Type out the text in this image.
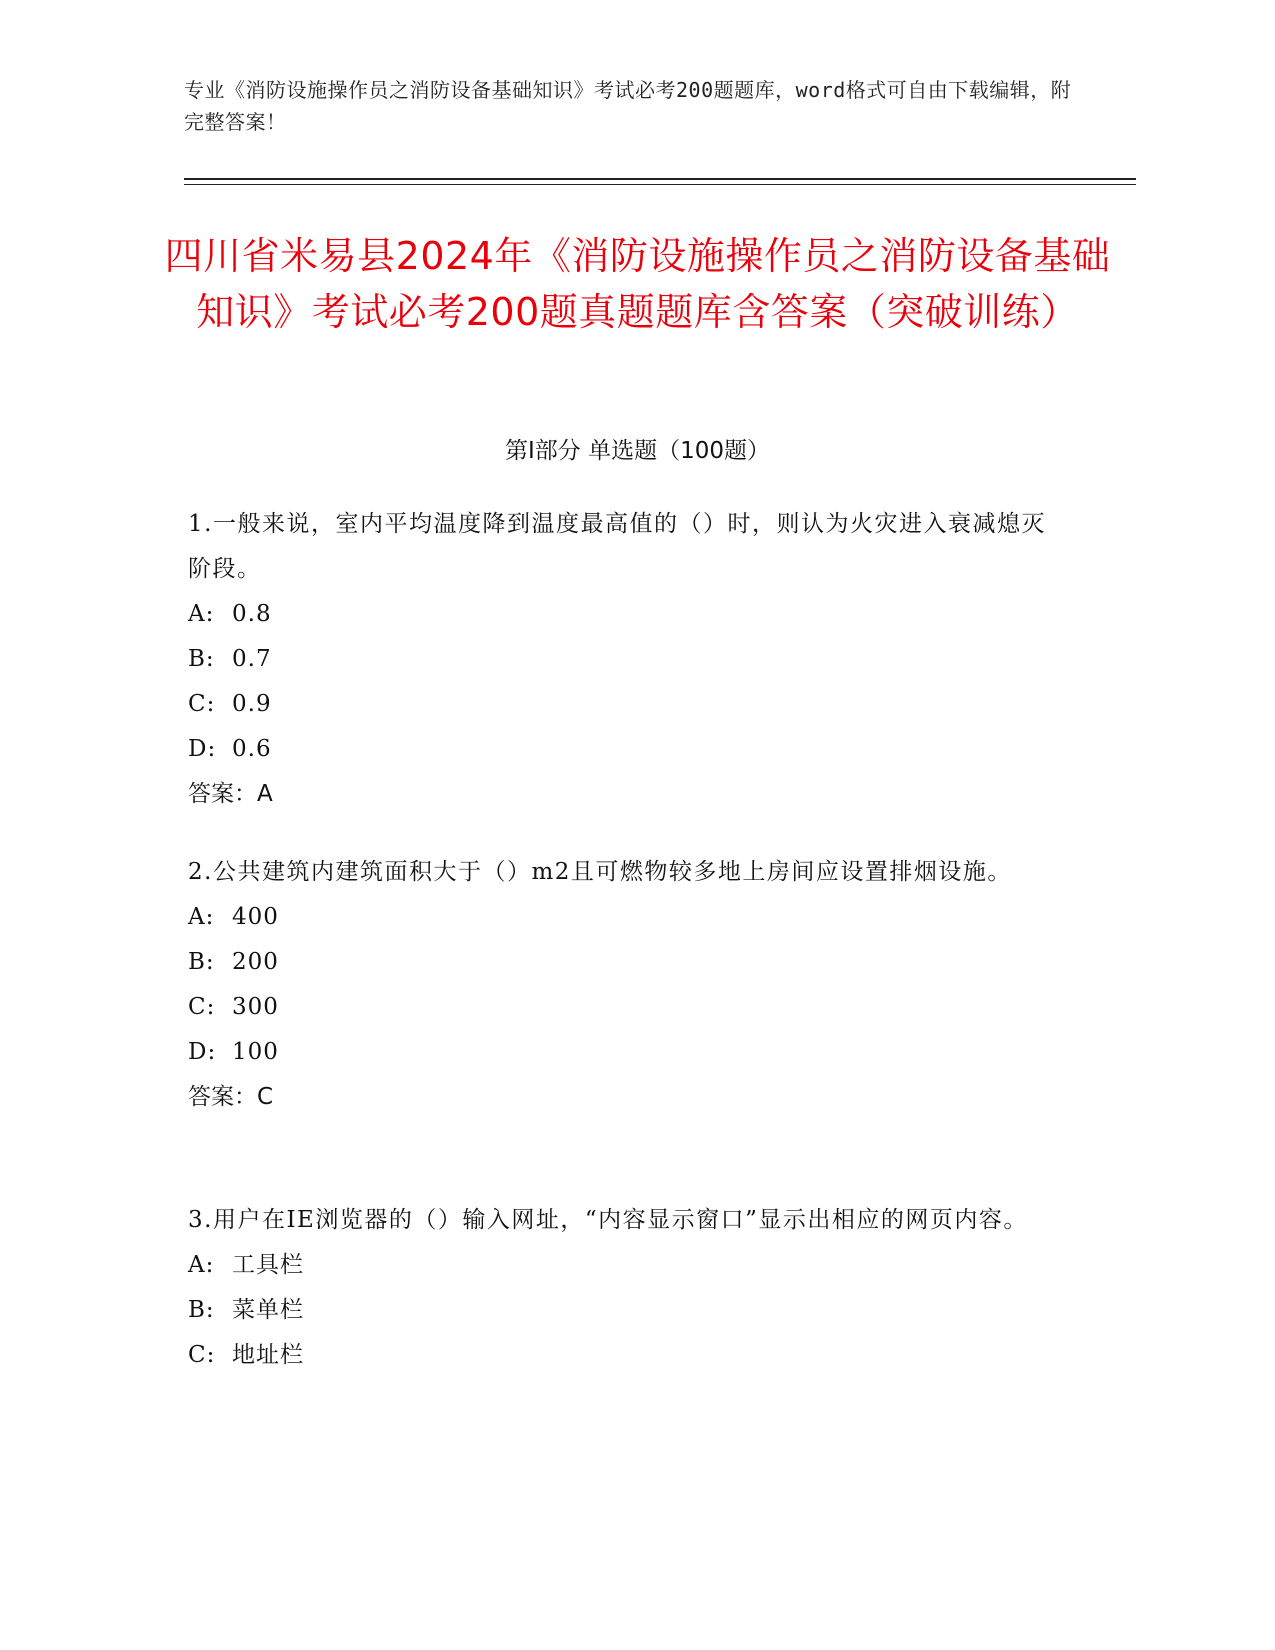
专业《消防设施操作员之消防设备基础知识》考试必考200题题库，word格式可自由下载编辑，附完整答案！
四川省米易县2024年《消防设施操作员之消防设备基础知识》考试必考200题真题题库含答案（突破训练）
第Ⅰ部分 单选题（100题）

1.一般来说，室内平均温度降到温度最高值的（）时，则认为火灾进入衰减熄灭阶段。

A: 0.8

B: 0.7

C: 0.9

D: 0.6

答案：A

2.公共建筑内建筑面积大于（）m2且可燃物较多地上房间应设置排烟设施。

A: 400

B: 200

C: 300

D: 100

答案：C

3.用户在IE浏览器的（）输入网址，“内容显示窗口”显示出相应的网页内容。

A: 工具栏

B: 菜单栏

C: 地址栏
